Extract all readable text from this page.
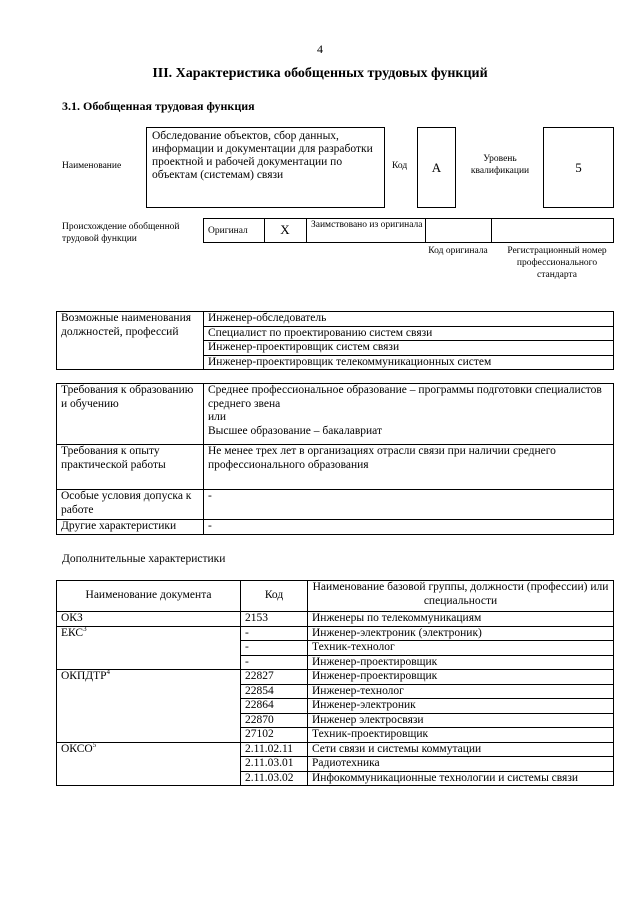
4
III. Характеристика обобщенных трудовых функций
3.1. Обобщенная трудовая функция
Наименование
Обследование объектов, сбор данных, информации и документации для разработки проектной и рабочей документации по объектам (системам) связи
Код	A
Уровень квалификации	5
Происхождение обобщенной трудовой функции
Оригинал	X	Заимствовано из оригинала
Код оригинала	Регистрационный номер профессионального стандарта
Возможные наименования должностей, профессий	Инженер-обследователь
Специалист по проектированию систем связи
Инженер-проектировщик систем связи
Инженер-проектировщик телекоммуникационных систем
Требования к образованию и обучению	Среднее профессиональное образование – программы подготовки специалистов среднего звена
или
Высшее образование – бакалавриат
Требования к опыту практической работы	Не менее трех лет в организациях отрасли связи при наличии среднего профессионального образования
Особые условия допуска к работе	-
Другие характеристики	-
Дополнительные характеристики
Наименование документа	Код	Наименование базовой группы, должности (профессии) или специальности
ОКЗ	2153	Инженеры по телекоммуникациям
ЕКС$^3$	-	Инженер-электроник (электроник)
	-	Техник-технолог
	-	Инженер-проектировщик
ОКПДТР$^4$	22827	Инженер-проектировщик
	22854	Инженер-технолог
	22864	Инженер-электроник
	22870	Инженер электросвязи
	27102	Техник-проектировщик
ОКСО$^5$	2.11.02.11	Сети связи и системы коммутации
	2.11.03.01	Радиотехника
	2.11.03.02	Инфокоммуникационные технологии и системы связи
